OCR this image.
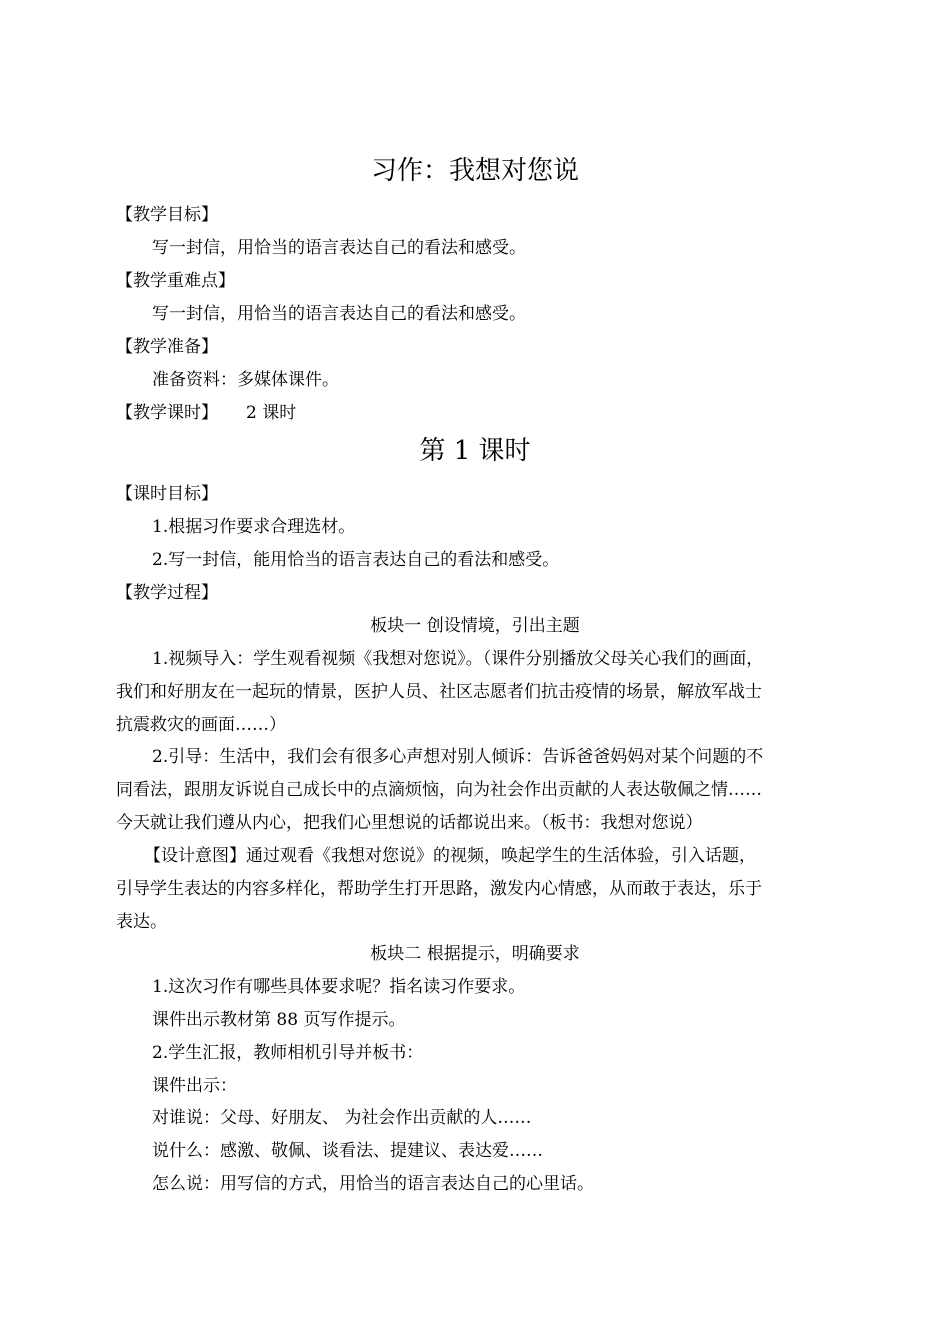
习作：我想对您说
【教学目标】
写一封信，用恰当的语言表达自己的看法和感受。
【教学重难点】
写一封信，用恰当的语言表达自己的看法和感受。
【教学准备】
准备资料：多媒体课件。
【教学课时】 2 课时
第 1 课时
【课时目标】
1.根据习作要求合理选材。
2.写一封信，能用恰当的语言表达自己的看法和感受。
【教学过程】
板块一 创设情境，引出主题
1.视频导入：学生观看视频《我想对您说》。（课件分别播放父母关心我们的画面，
我们和好朋友在一起玩的情景，医护人员、社区志愿者们抗击疫情的场景，解放军战士
抗震救灾的画面……）
2.引导：生活中，我们会有很多心声想对别人倾诉：告诉爸爸妈妈对某个问题的不
同看法，跟朋友诉说自己成长中的点滴烦恼，向为社会作出贡献的人表达敬佩之情……
今天就让我们遵从内心，把我们心里想说的话都说出来。（板书：我想对您说）
【设计意图】通过观看《我想对您说》的视频，唤起学生的生活体验，引入话题，
引导学生表达的内容多样化，帮助学生打开思路，激发内心情感，从而敢于表达，乐于
表达。
板块二 根据提示，明确要求
1.这次习作有哪些具体要求呢？指名读习作要求。
课件出示教材第 88 页写作提示。
2.学生汇报，教师相机引导并板书：
课件出示：
对谁说：父母、好朋友、 为社会作出贡献的人……
说什么：感激、敬佩、谈看法、提建议、表达爱……
怎么说：用写信的方式，用恰当的语言表达自己的心里话。
